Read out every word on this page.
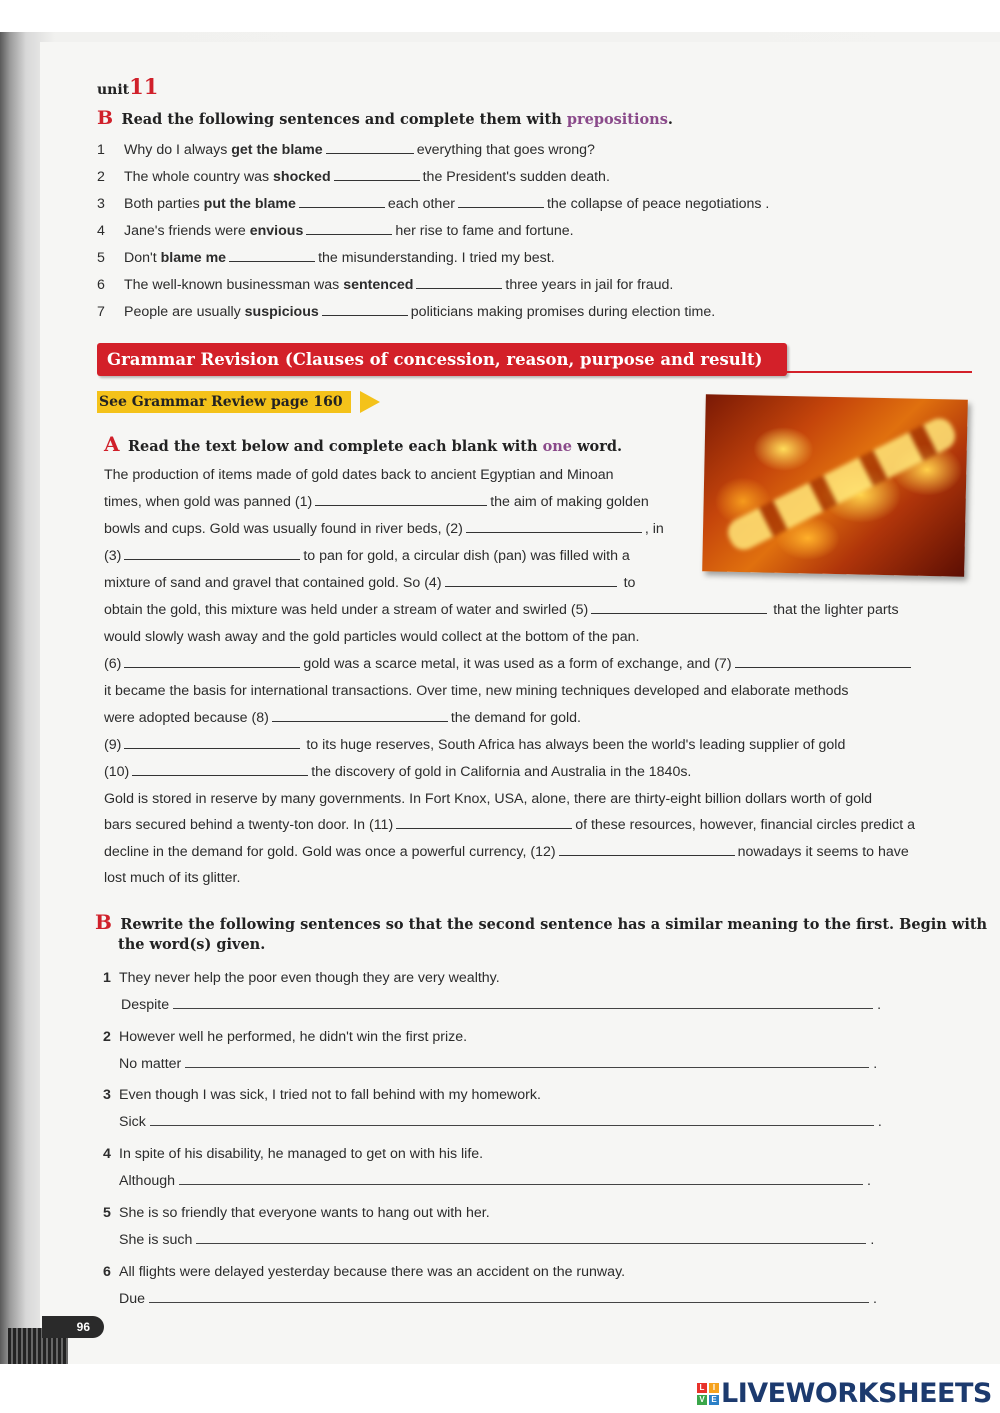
unit11
B Read the following sentences and complete them with prepositions.
1 Why do I always get the blame	everything that goes wrong?
2 The whole country was shocked	the President's sudden death.
3 Both parties put the blame	each other	the collapse of peace negotiations .
4 Jane's friends were envious	her rise to fame and fortune.
5 Don't blame me	the misunderstanding. I tried my best.
6 The well-known businessman was sentenced	three years in jail for fraud.
7 People are usually suspicious	politicians making promises during election time.
Grammar Revision (Clauses of concession, reason, purpose and result)
See Grammar Review page 160
A Read the text below and complete each blank with one word.
The production of items made of gold dates back to ancient Egyptian and Minoan
times, when gold was panned (1)	the aim of making golden
bowls and cups. Gold was usually found in river beds, (2)	, in
(3)	to pan for gold, a circular dish (pan) was filled with a
mixture of sand and gravel that contained gold. So (4)	to
obtain the gold, this mixture was held under a stream of water and swirled (5)	that the lighter parts
would slowly wash away and the gold particles would collect at the bottom of the pan.
(6)	gold was a scarce metal, it was used as a form of exchange, and (7)
it became the basis for international transactions. Over time, new mining techniques developed and elaborate methods
were adopted because (8)	the demand for gold.
(9)	to its huge reserves, South Africa has always been the world's leading supplier of gold
(10)	the discovery of gold in California and Australia in the 1840s.
Gold is stored in reserve by many governments. In Fort Knox, USA, alone, there are thirty-eight billion dollars worth of gold
bars secured behind a twenty-ton door. In (11)	of these resources, however, financial circles predict a
decline in the demand for gold. Gold was once a powerful currency, (12)	nowadays it seems to have
lost much of its glitter.
B Rewrite the following sentences so that the second sentence has a similar meaning to the first. Begin with
the word(s) given.
1 They never help the poor even though they are very wealthy.
Despite	.
2 However well he performed, he didn't win the first prize.
No matter	.
3 Even though I was sick, I tried not to fall behind with my homework.
Sick	.
4 In spite of his disability, he managed to get on with his life.
Although	.
5 She is so friendly that everyone wants to hang out with her.
She is such	.
6 All flights were delayed yesterday because there was an accident on the runway.
Due	.
96
L	I
V E LIVEWORKSHEETS
